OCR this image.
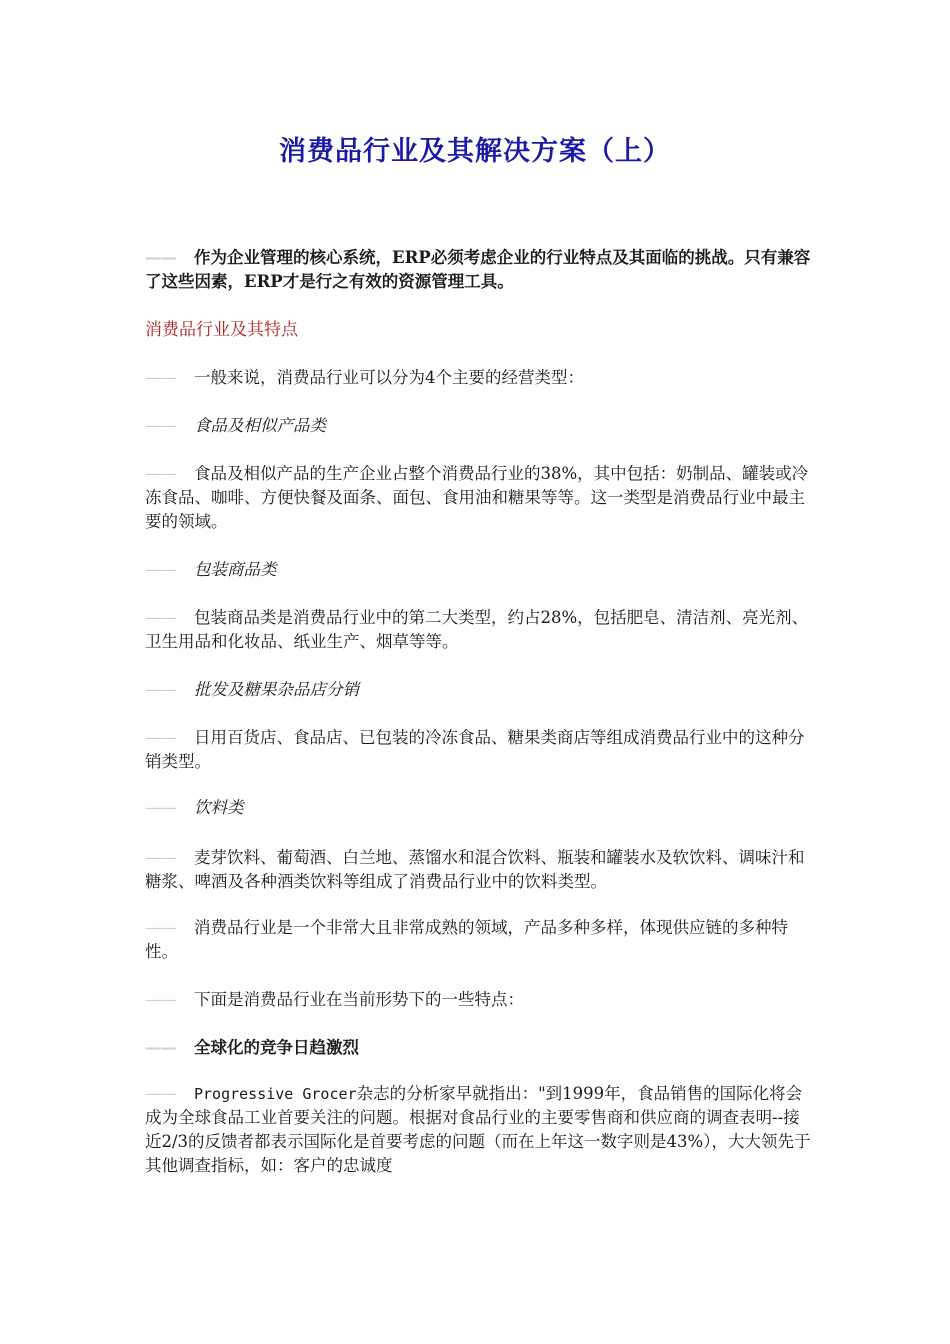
消费品行业及其解决方案（上）
—— 作为企业管理的核心系统，ERP必须考虑企业的行业特点及其面临的挑战。只有兼容了这些因素，ERP才是行之有效的资源管理工具。
消费品行业及其特点
—— 一般来说，消费品行业可以分为4个主要的经营类型：
—— 食品及相似产品类
—— 食品及相似产品的生产企业占整个消费品行业的38%，其中包括：奶制品、罐装或冷冻食品、咖啡、方便快餐及面条、面包、食用油和糖果等等。这一类型是消费品行业中最主要的领域。
—— 包装商品类
—— 包装商品类是消费品行业中的第二大类型，约占28%，包括肥皂、清洁剂、亮光剂、卫生用品和化妆品、纸业生产、烟草等等。
—— 批发及糖果杂品店分销
—— 日用百货店、食品店、已包装的冷冻食品、糖果类商店等组成消费品行业中的这种分销类型。
—— 饮料类
—— 麦芽饮料、葡萄酒、白兰地、蒸馏水和混合饮料、瓶装和罐装水及软饮料、调味汁和糖浆、啤酒及各种酒类饮料等组成了消费品行业中的饮料类型。
—— 消费品行业是一个非常大且非常成熟的领域，产品多种多样，体现供应链的多种特性。
—— 下面是消费品行业在当前形势下的一些特点：
—— 全球化的竞争日趋激烈
—— Progressive Grocer杂志的分析家早就指出："到1999年，食品销售的国际化将会成为全球食品工业首要关注的问题。根据对食品行业的主要零售商和供应商的调查表明--接近2/3的反馈者都表示国际化是首要考虑的问题（而在上年这一数字则是43%），大大领先于其他调查指标，如：客户的忠诚度
